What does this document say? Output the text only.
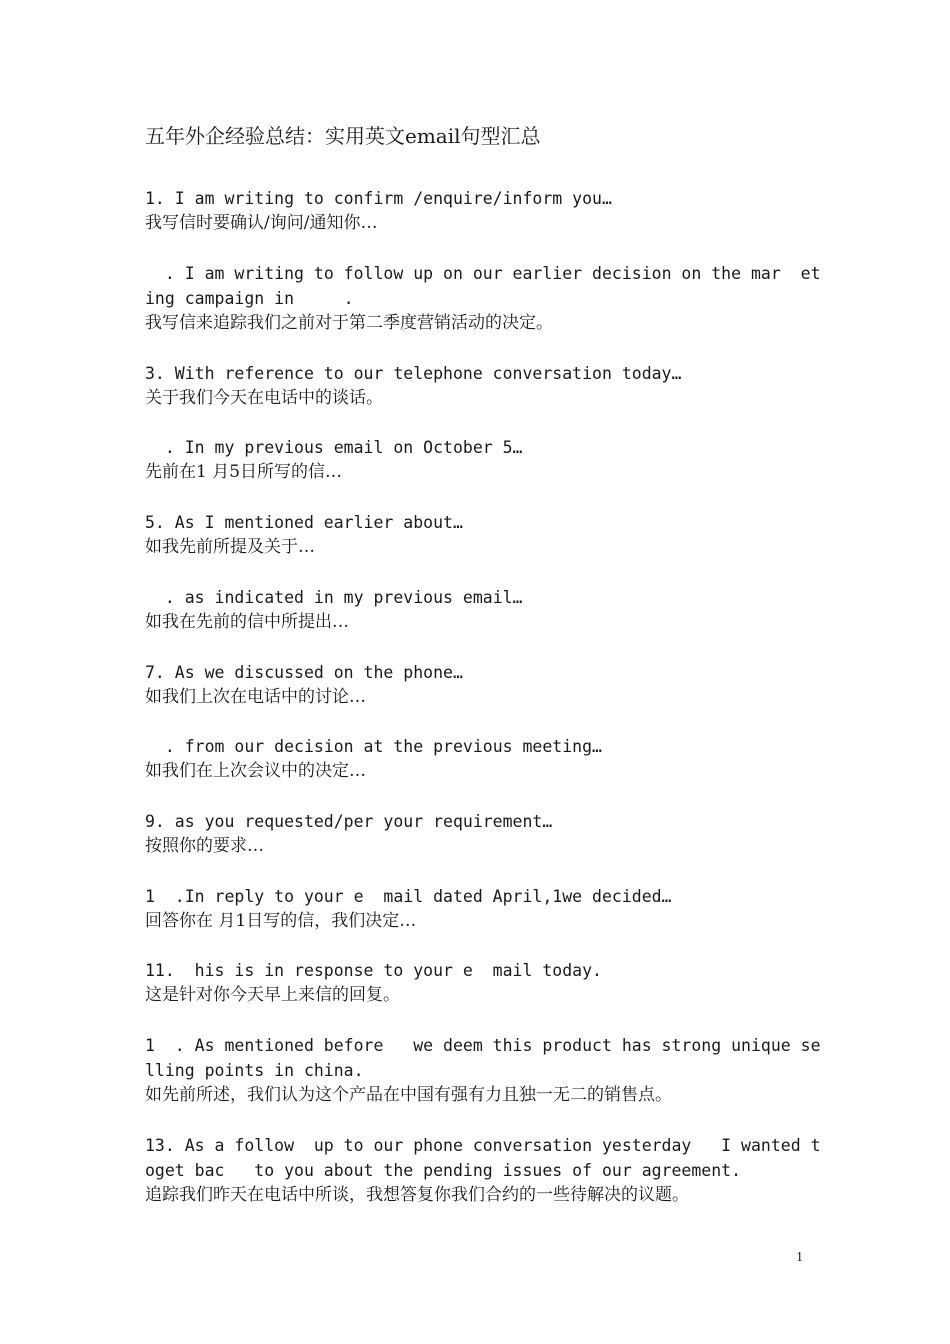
五年外企经验总结：实用英文email句型汇总

1. I am writing to confirm /enquire/inform you…

我写信时要确认/询问/通知你…

. I am writing to follow up on our earlier decision on the mar  eting campaign in     .

我写信来追踪我们之前对于第二季度营销活动的决定。

3. With reference to our telephone conversation today…

关于我们今天在电话中的谈话。

. In my previous email on October 5…

先前在1 月5日所写的信…

5. As I mentioned earlier about…

如我先前所提及关于…

. as indicated in my previous email…

如我在先前的信中所提出…

7. As we discussed on the phone…

如我们上次在电话中的讨论…

. from our decision at the previous meeting…

如我们在上次会议中的决定…

9. as you requested/per your requirement…

按照你的要求…

1  .In reply to your e  mail dated April,1we decided…

回答你在 月1日写的信，我们决定…

11.  his is in response to your e  mail today.

这是针对你今天早上来信的回复。

1  . As mentioned before   we deem this product has strong unique selling points in china.

如先前所述，我们认为这个产品在中国有强有力且独一无二的销售点。

13. As a follow  up to our phone conversation yesterday   I wanted toget bac   to you about the pending issues of our agreement.

追踪我们昨天在电话中所谈，我想答复你我们合约的一些待解决的议题。

1
